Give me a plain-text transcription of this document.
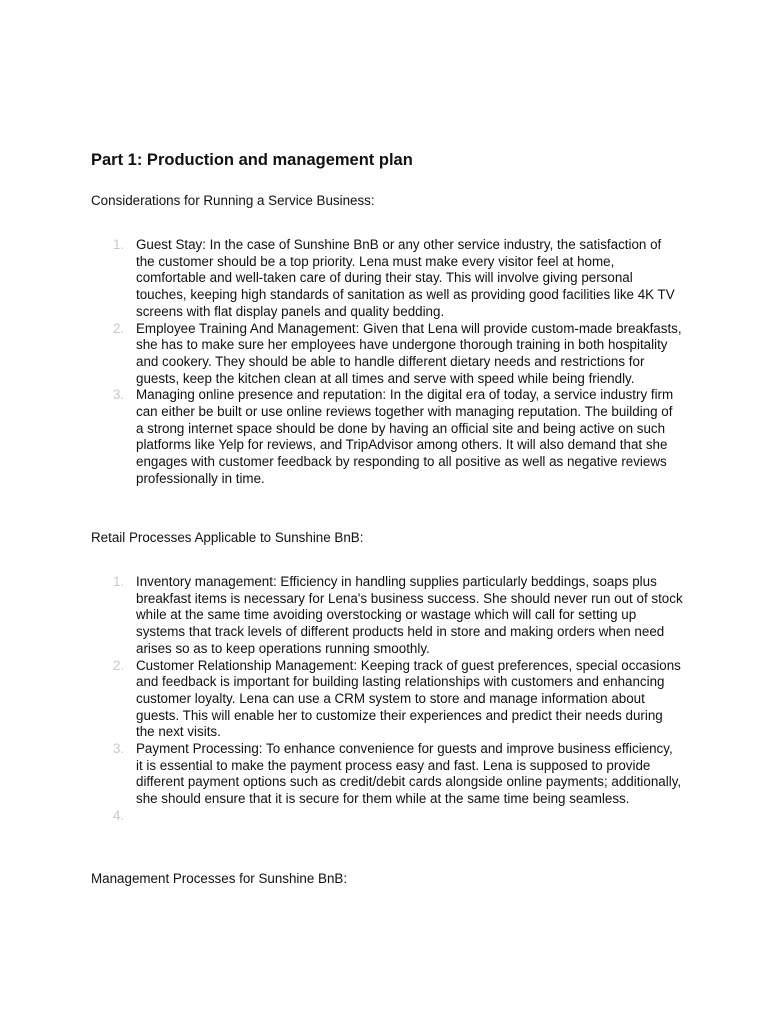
Part 1: Production and management plan

Considerations for Running a Service Business:

1. Guest Stay: In the case of Sunshine BnB or any other service industry, the satisfaction of the customer should be a top priority. Lena must make every visitor feel at home, comfortable and well-taken care of during their stay. This will involve giving personal touches, keeping high standards of sanitation as well as providing good facilities like 4K TV screens with flat display panels and quality bedding.
2. Employee Training And Management: Given that Lena will provide custom-made breakfasts, she has to make sure her employees have undergone thorough training in both hospitality and cookery. They should be able to handle different dietary needs and restrictions for guests, keep the kitchen clean at all times and serve with speed while being friendly.
3. Managing online presence and reputation: In the digital era of today, a service industry firm can either be built or use online reviews together with managing reputation. The building of a strong internet space should be done by having an official site and being active on such platforms like Yelp for reviews, and TripAdvisor among others. It will also demand that she engages with customer feedback by responding to all positive as well as negative reviews professionally in time.

Retail Processes Applicable to Sunshine BnB:

1. Inventory management: Efficiency in handling supplies particularly beddings, soaps plus breakfast items is necessary for Lena's business success. She should never run out of stock while at the same time avoiding overstocking or wastage which will call for setting up systems that track levels of different products held in store and making orders when need arises so as to keep operations running smoothly.
2. Customer Relationship Management: Keeping track of guest preferences, special occasions and feedback is important for building lasting relationships with customers and enhancing customer loyalty. Lena can use a CRM system to store and manage information about guests. This will enable her to customize their experiences and predict their needs during the next visits.
3. Payment Processing: To enhance convenience for guests and improve business efficiency, it is essential to make the payment process easy and fast. Lena is supposed to provide different payment options such as credit/debit cards alongside online payments; additionally, she should ensure that it is secure for them while at the same time being seamless.
4.

Management Processes for Sunshine BnB:
